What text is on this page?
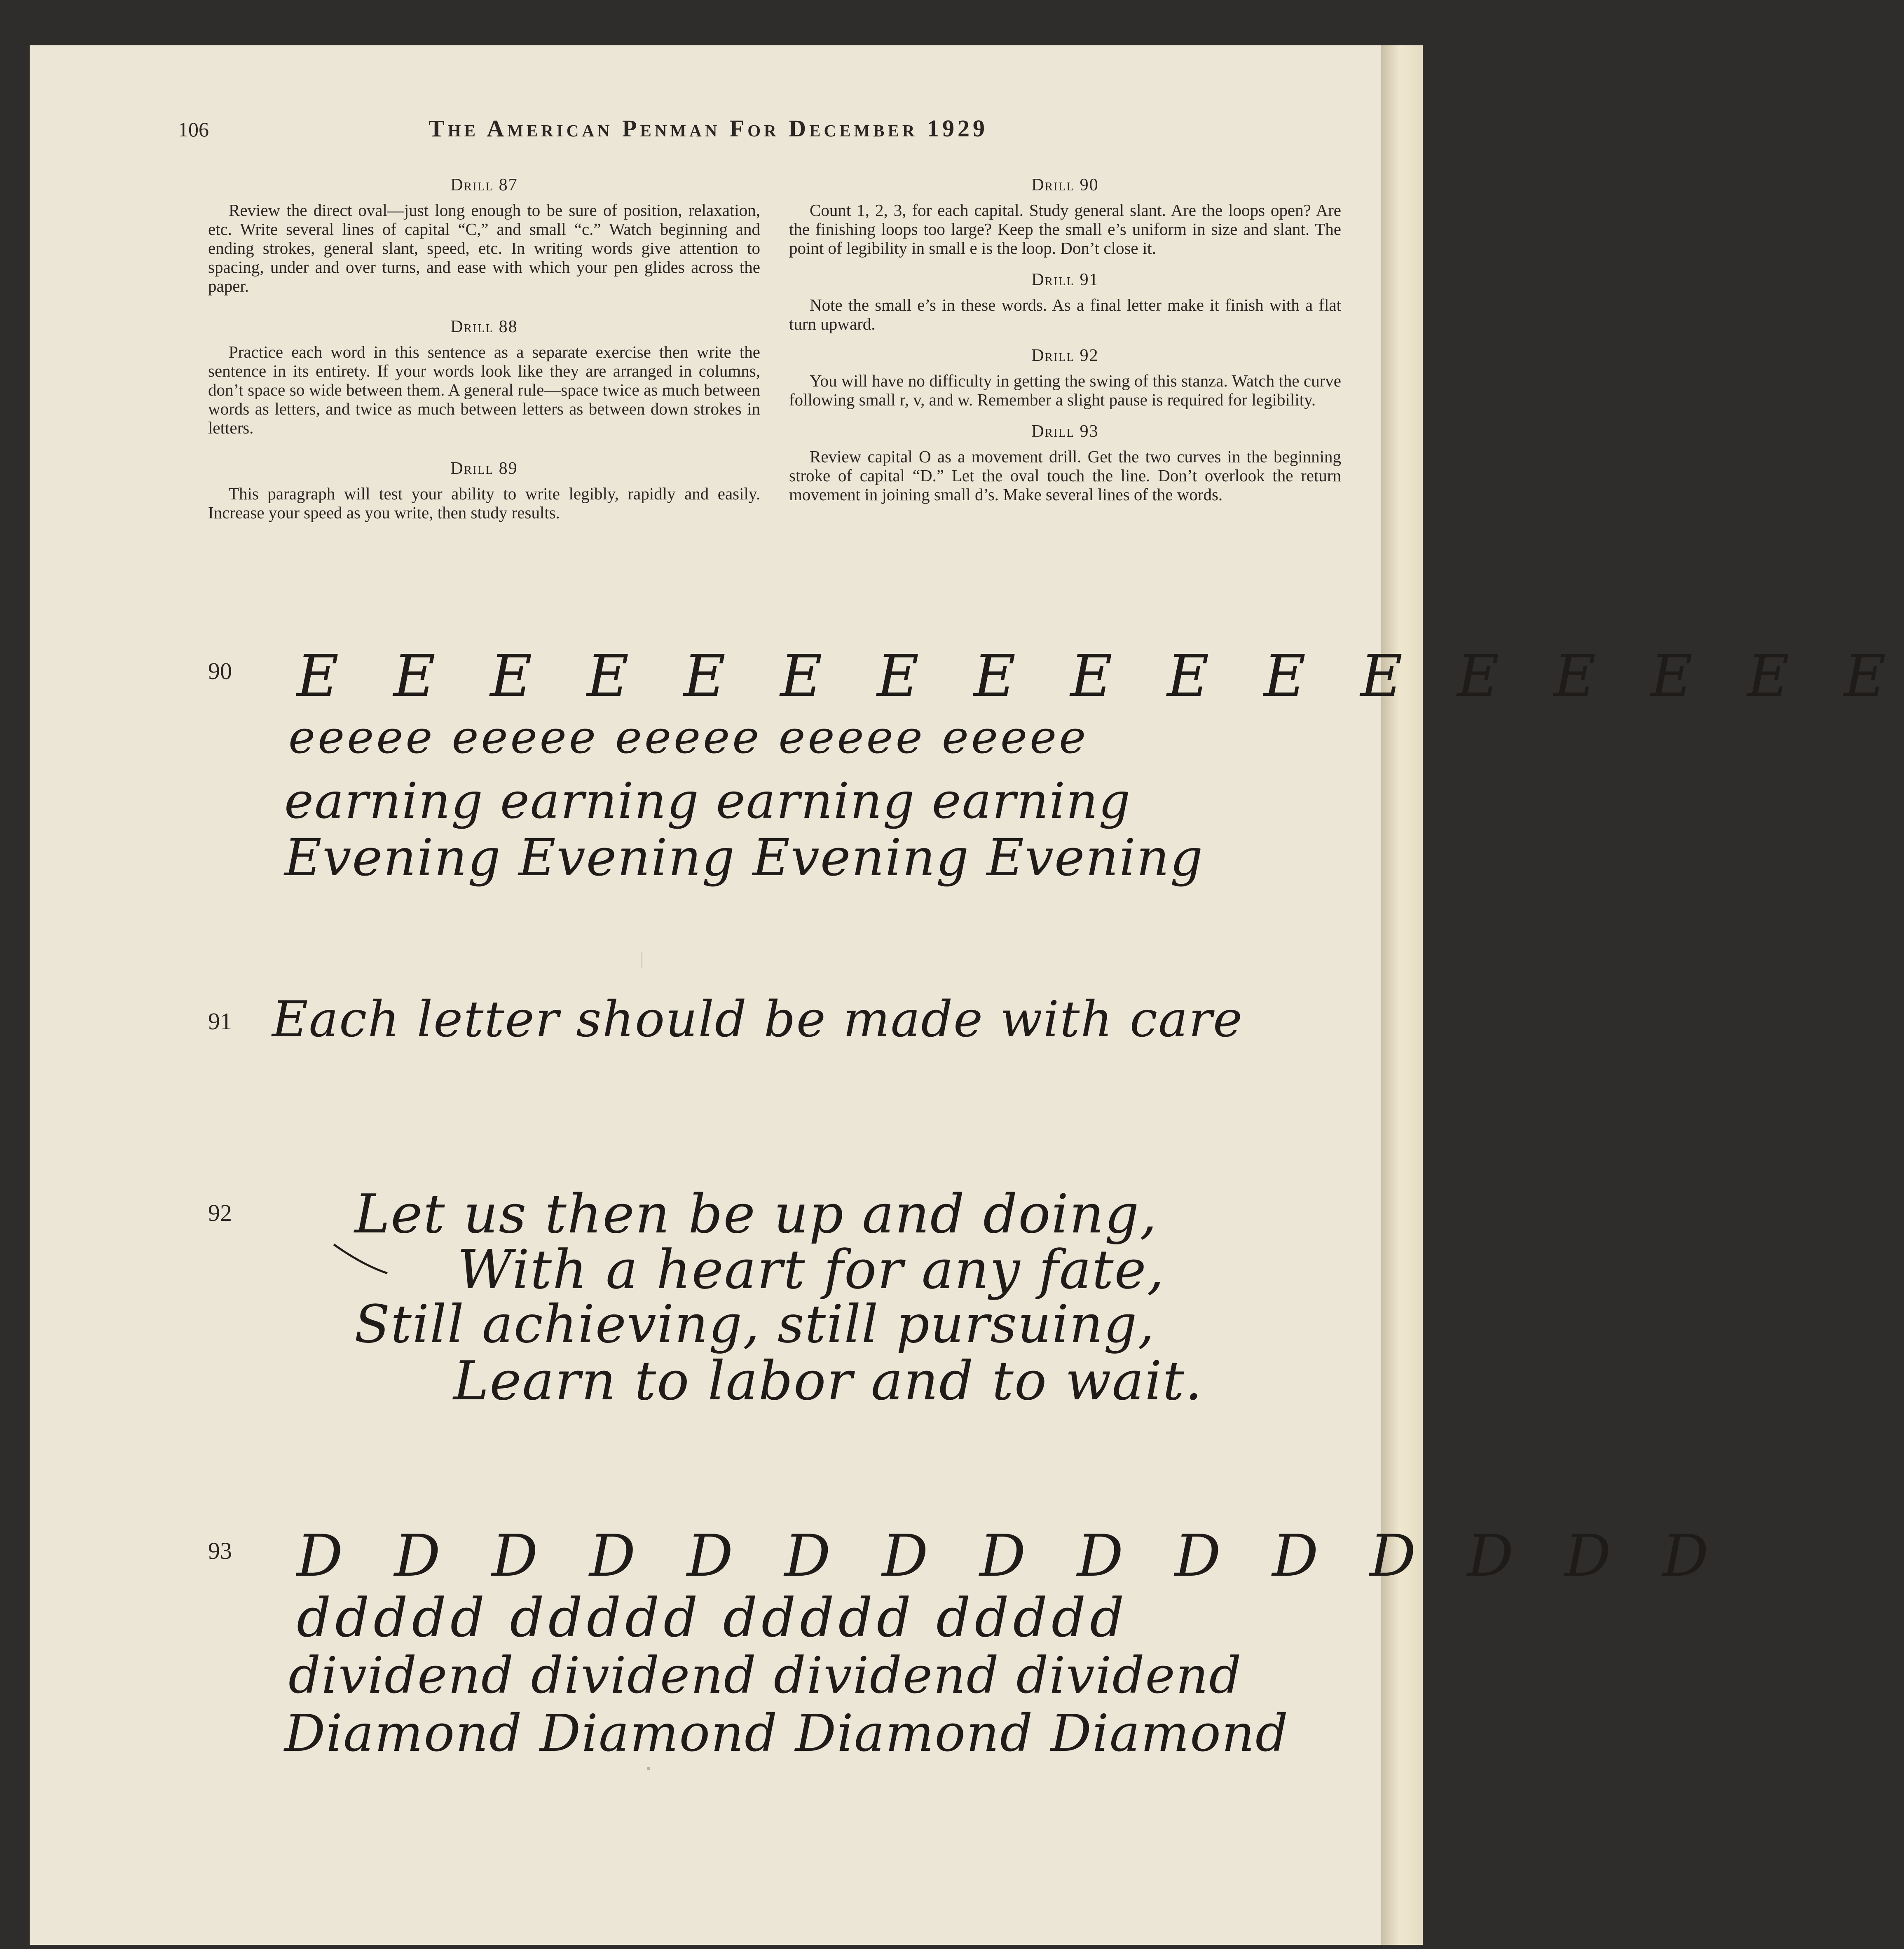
106	The American Penman For December 1929
Drill 87
Review the direct oval—just long enough to be sure of position, relaxation, etc. Write several lines of capital “C,” and small “c.” Watch beginning and ending strokes, general slant, speed, etc. In writing words give attention to spacing, under and over turns, and ease with which your pen glides across the paper.
Drill 88
Practice each word in this sentence as a separate exercise then write the sentence in its entirety. If your words look like they are arranged in columns, don’t space so wide between them. A general rule—space twice as much between words as letters, and twice as much between letters as between down strokes in letters.
Drill 89
This paragraph will test your ability to write legibly, rapidly and easily. Increase your speed as you write, then study results.
Drill 90
Count 1, 2, 3, for each capital. Study general slant. Are the loops open? Are the finishing loops too large? Keep the small e’s uniform in size and slant. The point of legibility in small e is the loop. Don’t close it.
Drill 91
Note the small e’s in these words. As a final letter make it finish with a flat turn upward.
Drill 92
You will have no difficulty in getting the swing of this stanza. Watch the curve following small r, v, and w. Remember a slight pause is required for legibility.
Drill 93
Review capital O as a movement drill. Get the two curves in the beginning stroke of capital “D.” Let the oval touch the line. Don’t overlook the return movement in joining small d’s. Make several lines of the words.
90 E E E E E E E E E E E E E E E E E
eeeee eeeee eeeee eeeee eeeee
earning earning earning earning
Evening Evening Evening Evening
91 Each letter should be made with care
92 Let us then be up and doing,
With a heart for any fate,
Still achieving, still pursuing,
Learn to labor and to wait.
93 D D D D D D D D D D D D D D D
ddddd ddddd ddddd ddddd
dividend dividend dividend dividend
Diamond Diamond Diamond Diamond
